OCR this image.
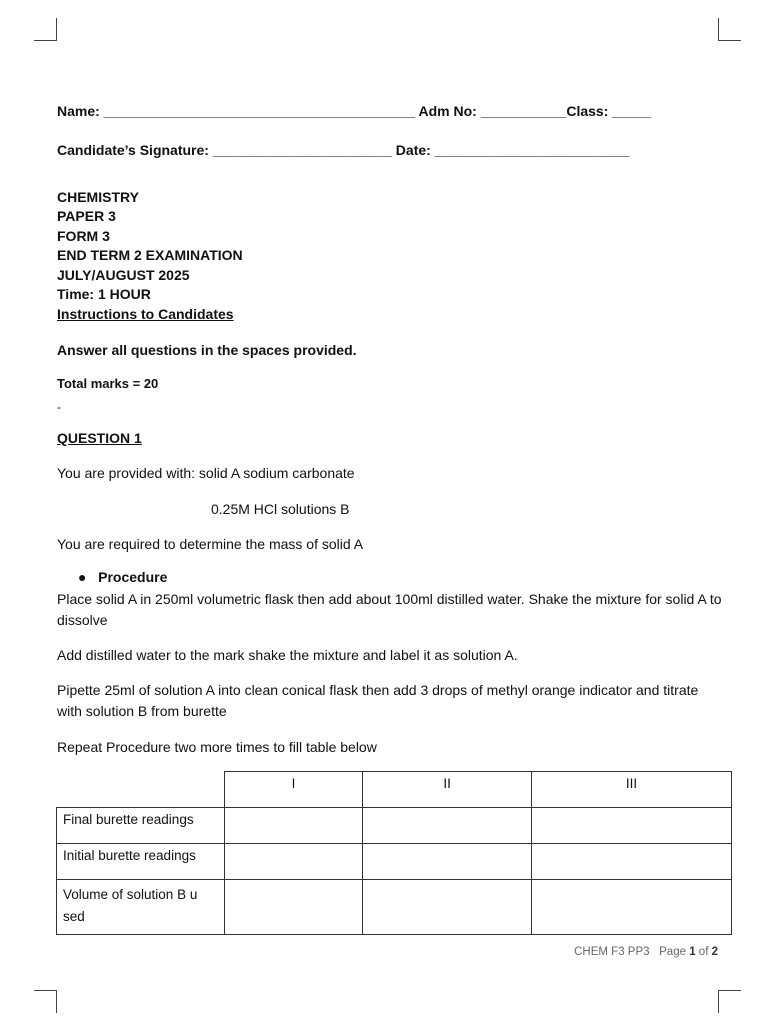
Name: ________________________________________ Adm No: ___________Class: _____
Candidate’s Signature: _______________________ Date: _________________________
CHEMISTRY
PAPER 3
FORM 3
END TERM 2 EXAMINATION
JULY/AUGUST 2025
Time: 1 HOUR
Instructions to Candidates
Answer all questions in the spaces provided.
Total marks = 20
-
QUESTION 1
You are provided with: solid A sodium carbonate
0.25M HCl solutions B
You are required to determine the mass of solid A
● Procedure
Place solid A in 250ml volumetric flask then add about 100ml distilled water. Shake the mixture for solid A to dissolve
Add distilled water to the mark shake the mixture and label it as solution A.
Pipette 25ml of solution A into clean conical flask then add 3 drops of methyl orange indicator and titrate with solution B from burette
Repeat Procedure two more times to fill table below
	I	II	III
Final burette readings			
Initial burette readings			
Volume of solution B u sed			
CHEM F3 PP3 Page 1 of 2
